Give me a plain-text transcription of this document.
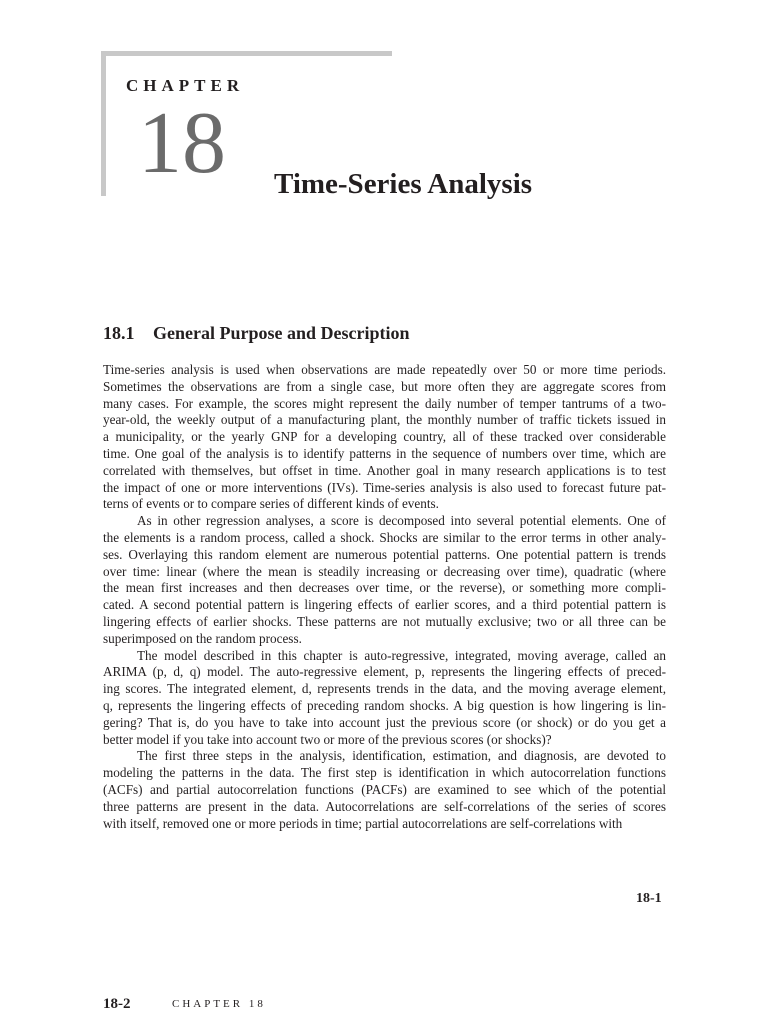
CHAPTER
18 Time-Series Analysis
18.1 General Purpose and Description
Time-series analysis is used when observations are made repeatedly over 50 or more time periods.
Sometimes the observations are from a single case, but more often they are aggregate scores from
many cases. For example, the scores might represent the daily number of temper tantrums of a two-
year-old, the weekly output of a manufacturing plant, the monthly number of traffic tickets issued in
a municipality, or the yearly GNP for a developing country, all of these tracked over considerable
time. One goal of the analysis is to identify patterns in the sequence of numbers over time, which are
correlated with themselves, but offset in time. Another goal in many research applications is to test
the impact of one or more interventions (IVs). Time-series analysis is also used to forecast future pat-
terns of events or to compare series of different kinds of events.
As in other regression analyses, a score is decomposed into several potential elements. One of
the elements is a random process, called a shock. Shocks are similar to the error terms in other analy-
ses. Overlaying this random element are numerous potential patterns. One potential pattern is trends
over time: linear (where the mean is steadily increasing or decreasing over time), quadratic (where
the mean first increases and then decreases over time, or the reverse), or something more compli-
cated. A second potential pattern is lingering effects of earlier scores, and a third potential pattern is
lingering effects of earlier shocks. These patterns are not mutually exclusive; two or all three can be
superimposed on the random process.
The model described in this chapter is auto-regressive, integrated, moving average, called an
ARIMA (p, d, q) model. The auto-regressive element, p, represents the lingering effects of preced-
ing scores. The integrated element, d, represents trends in the data, and the moving average element,
q, represents the lingering effects of preceding random shocks. A big question is how lingering is lin-
gering? That is, do you have to take into account just the previous score (or shock) or do you get a
better model if you take into account two or more of the previous scores (or shocks)?
The first three steps in the analysis, identification, estimation, and diagnosis, are devoted to
modeling the patterns in the data. The first step is identification in which autocorrelation functions
(ACFs) and partial autocorrelation functions (PACFs) are examined to see which of the potential
three patterns are present in the data. Autocorrelations are self-correlations of the series of scores
with itself, removed one or more periods in time; partial autocorrelations are self-correlations with
18-1
18-2	CHAPTER 18
